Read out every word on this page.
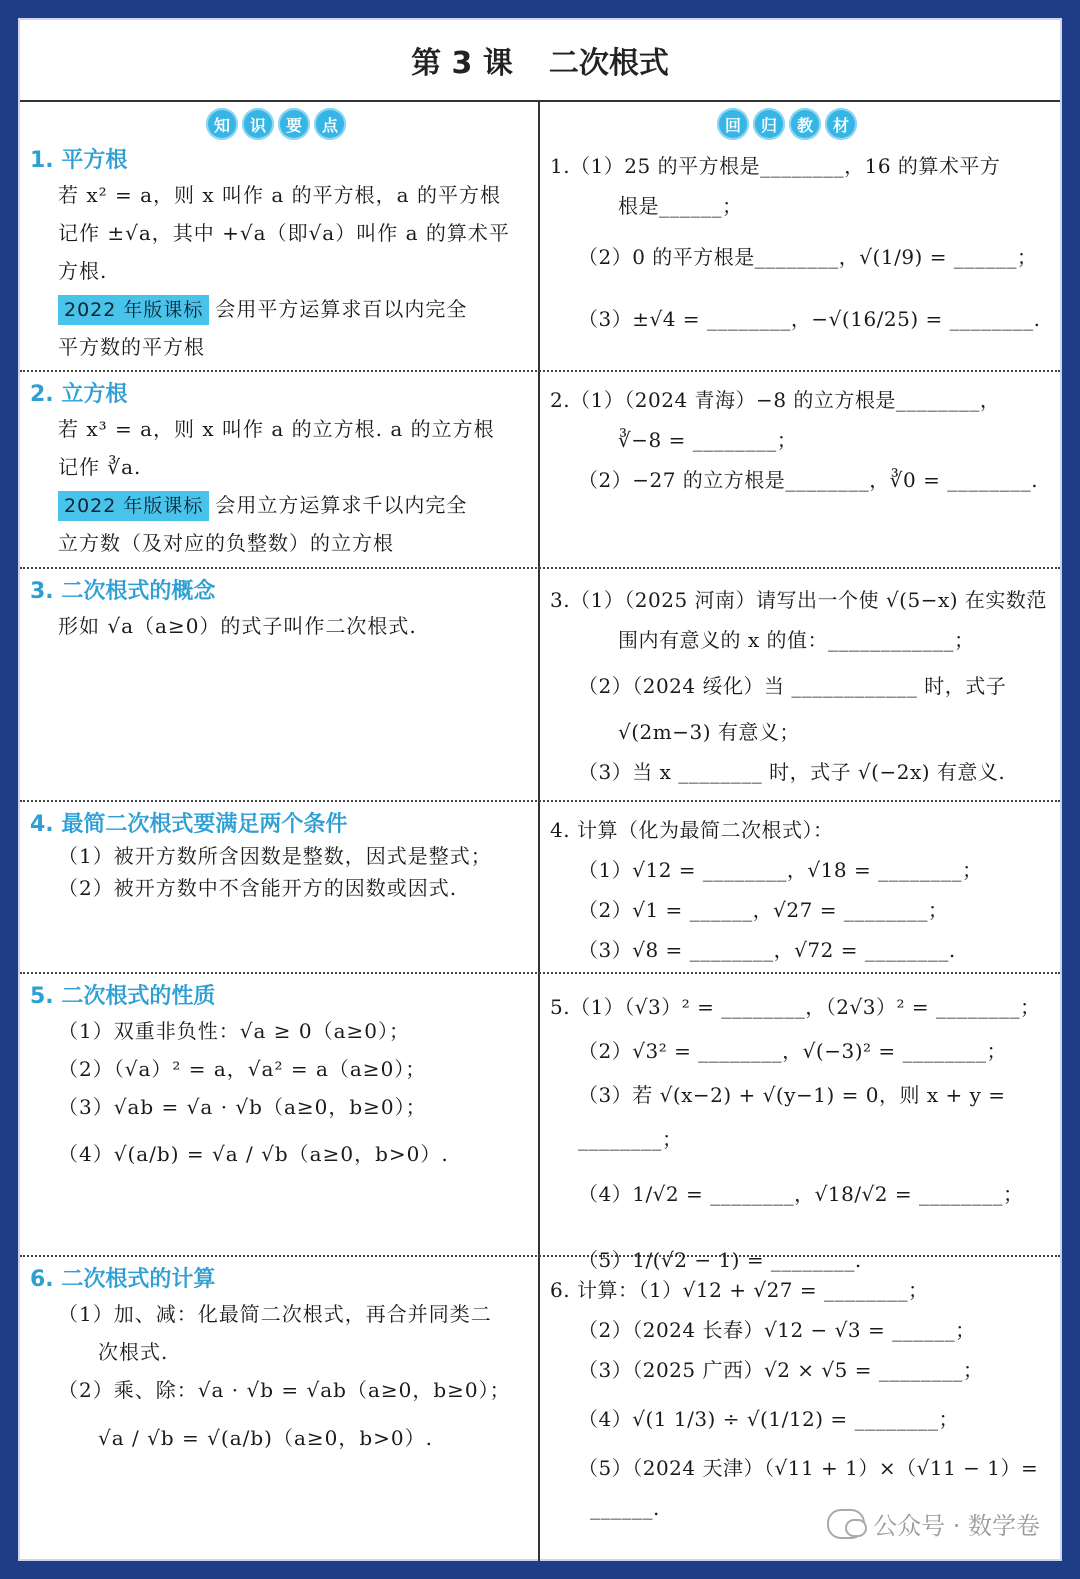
第 3 课 二次根式
知	识	要	点	回	归	教	材

1. 平方根

若 x² = a，则 x 叫作 a 的平方根，a 的平方根

记作 ±√a，其中 +√a（即√a）叫作 a 的算术平

方根.

2022 年版课标 会用平方运算求百以内完全

平方数的平方根

1.（1）25 的平方根是________，16 的算术平方

根是______；

（2）0 的平方根是________，√(1/9) = ______；

（3）±√4 = ________，−√(16/25) = ________.

2. 立方根

若 x³ = a，则 x 叫作 a 的立方根. a 的立方根

记作 ∛a.

2022 年版课标 会用立方运算求千以内完全

立方数（及对应的负整数）的立方根

2.（1）（2024 青海）−8 的立方根是________，

∛−8 = ________；

（2）−27 的立方根是________，∛0 = ________.

3. 二次根式的概念

形如 √a（a≥0）的式子叫作二次根式.

3.（1）（2025 河南）请写出一个使 √(5−x) 在实数范

围内有意义的 x 的值：____________；

（2）（2024 绥化）当 ____________ 时，式子

√(2m−3) 有意义；

（3）当 x ________ 时，式子 √(−2x) 有意义.

4. 最简二次根式要满足两个条件

（1）被开方数所含因数是整数，因式是整式；

（2）被开方数中不含能开方的因数或因式.

4. 计算（化为最简二次根式）：

（1）√12 = ________，√18 = ________；

（2）√1 = ______，√27 = ________；

（3）√8 = ________，√72 = ________.

5. 二次根式的性质

（1）双重非负性：√a ≥ 0（a≥0）；

（2）（√a）² = a，√a² = a（a≥0）；

（3）√ab = √a · √b（a≥0，b≥0）；

（4）√(a/b) = √a / √b（a≥0，b>0）.

5.（1）（√3）² = ________，（2√3）² = ________；

（2）√3² = ________，√(−3)² = ________；

（3）若 √(x−2) + √(y−1) = 0，则 x + y = ________；

（4）1/√2 = ________，√18/√2 = ________；

（5）1/(√2 − 1) = ________.

6. 二次根式的计算

（1）加、减：化最简二次根式，再合并同类二

次根式.

（2）乘、除：√a · √b = √ab（a≥0，b≥0）；

√a / √b = √(a/b)（a≥0，b>0）.

6. 计算：（1）√12 + √27 = ________；

（2）（2024 长春）√12 − √3 = ______；

（3）（2025 广西）√2 × √5 = ________；

（4）√(1 1/3) ÷ √(1/12) = ________；

（5）（2024 天津）（√11 + 1）×（√11 − 1）=

______.

公众号 · 数学卷
